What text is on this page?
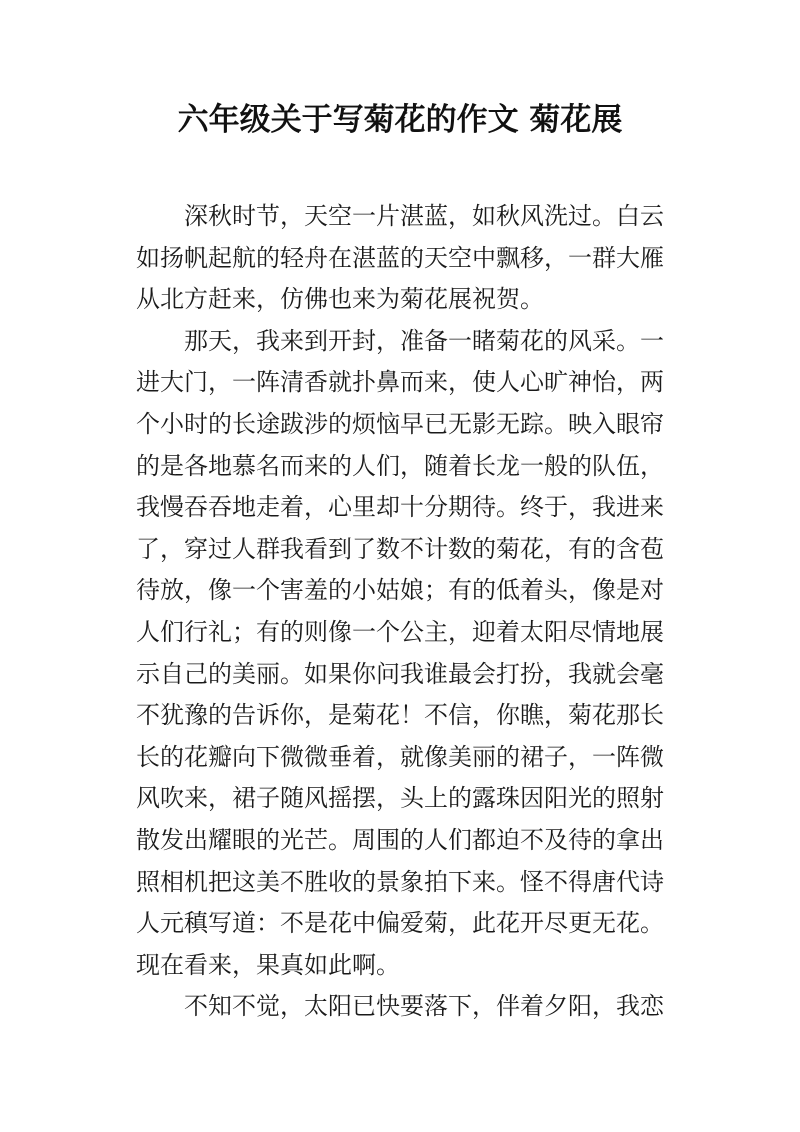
六年级关于写菊花的作文 菊花展
深秋时节，天空一片湛蓝，如秋风洗过。白云
如扬帆起航的轻舟在湛蓝的天空中飘移，一群大雁
从北方赶来，仿佛也来为菊花展祝贺。
那天，我来到开封，准备一睹菊花的风采。一
进大门，一阵清香就扑鼻而来，使人心旷神怡，两
个小时的长途跋涉的烦恼早已无影无踪。映入眼帘
的是各地慕名而来的人们，随着长龙一般的队伍，
我慢吞吞地走着，心里却十分期待。终于，我进来
了，穿过人群我看到了数不计数的菊花，有的含苞
待放，像一个害羞的小姑娘；有的低着头，像是对
人们行礼；有的则像一个公主，迎着太阳尽情地展
示自己的美丽。如果你问我谁最会打扮，我就会毫
不犹豫的告诉你，是菊花！不信，你瞧，菊花那长
长的花瓣向下微微垂着，就像美丽的裙子，一阵微
风吹来，裙子随风摇摆，头上的露珠因阳光的照射
散发出耀眼的光芒。周围的人们都迫不及待的拿出
照相机把这美不胜收的景象拍下来。怪不得唐代诗
人元稹写道：不是花中偏爱菊，此花开尽更无花。
现在看来，果真如此啊。
不知不觉，太阳已快要落下，伴着夕阳，我恋
